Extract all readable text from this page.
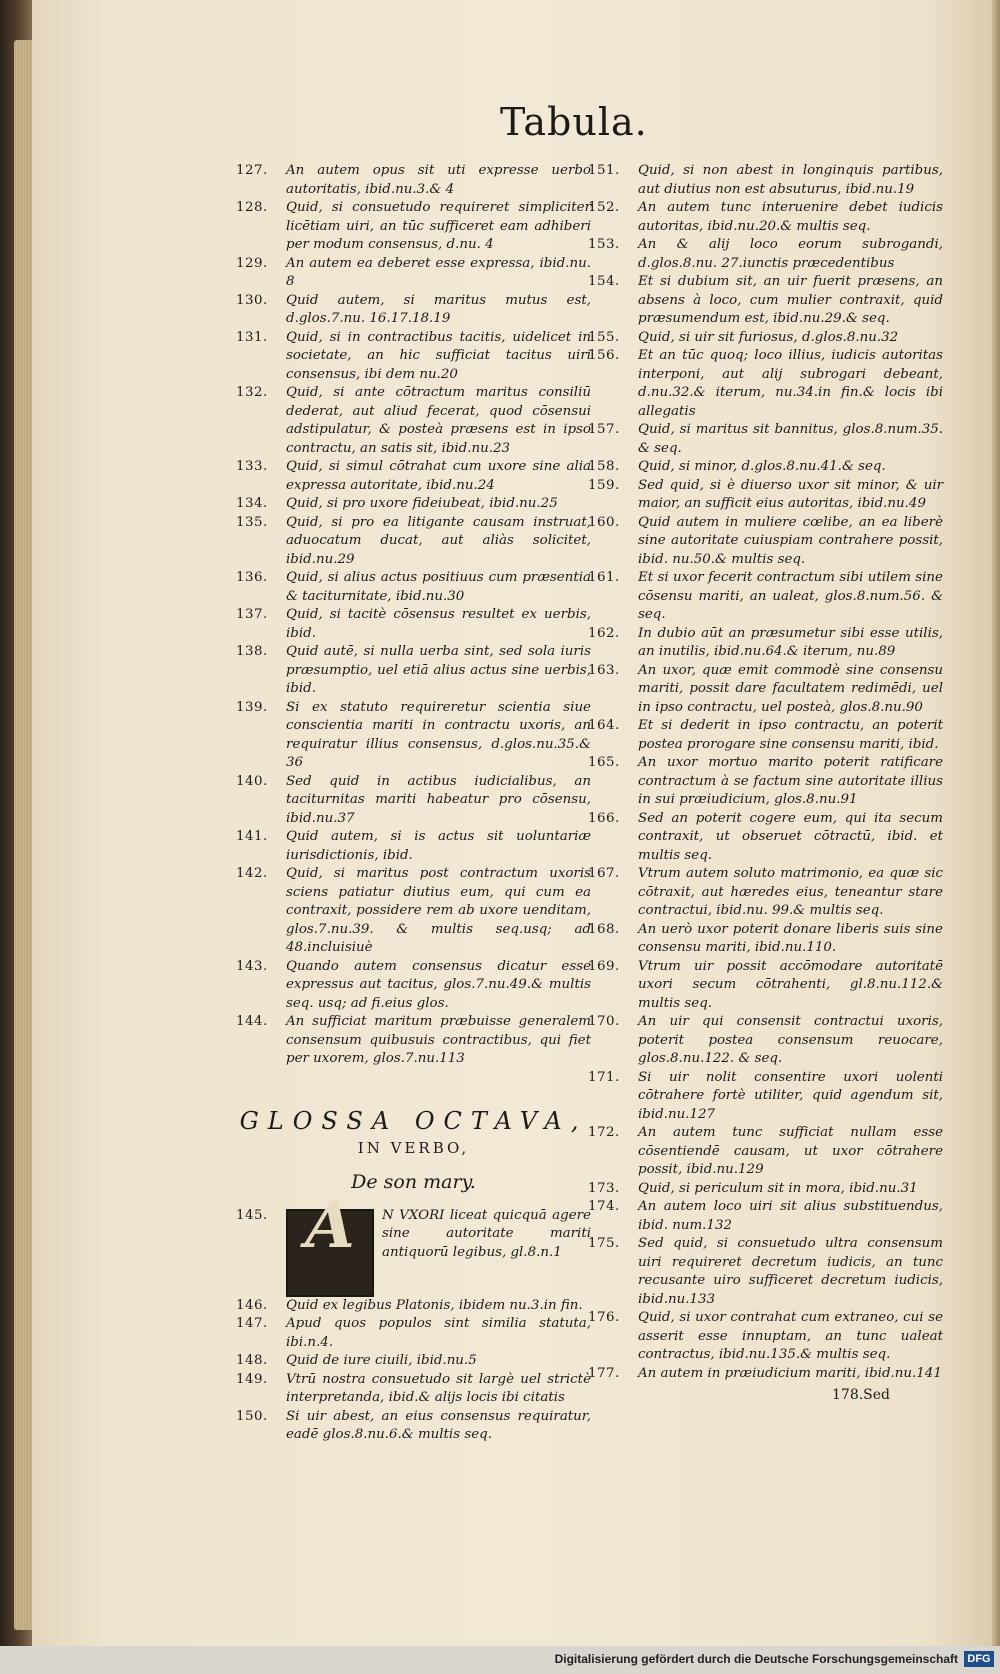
Tabula.
127.	An autem opus sit uti expresse uerbo autoritatis, ibid.nu.3.& 4
128.	Quid, si consuetudo requireret simpliciter licētiam uiri, an tūc sufficeret eam adhiberi per modum consensus, d.nu. 4
129.	An autem ea deberet esse expressa, ibid.nu. 8
130.	Quid autem, si maritus mutus est, d.glos.7.nu. 16.17.18.19
131.	Quid, si in contractibus tacitis, uidelicet in societate, an hic sufficiat tacitus uiri consensus, ibi dem nu.20
132.	Quid, si ante cōtractum maritus consiliū dederat, aut aliud fecerat, quod cōsensui adstipulatur, & posteà præsens est in ipso contractu, an satis sit, ibid.nu.23
133.	Quid, si simul cōtrahat cum uxore sine alia expressa autoritate, ibid.nu.24
134.	Quid, si pro uxore fideiubeat, ibid.nu.25
135.	Quid, si pro ea litigante causam instruat, aduocatum ducat, aut aliàs solicitet, ibid.nu.29
136.	Quid, si alius actus positiuus cum præsentia & taciturnitate, ibid.nu.30
137.	Quid, si tacitè cōsensus resultet ex uerbis, ibid.
138.	Quid autē, si nulla uerba sint, sed sola iuris præsumptio, uel etiā alius actus sine uerbis, ibid.
139.	Si ex statuto requireretur scientia siue conscientia mariti in contractu uxoris, an requiratur illius consensus, d.glos.nu.35.& 36
140.	Sed quid in actibus iudicialibus, an taciturnitas mariti habeatur pro cōsensu, ibid.nu.37
141.	Quid autem, si is actus sit uoluntariæ iurisdictionis, ibid.
142.	Quid, si maritus post contractum uxoris sciens patiatur diutius eum, qui cum ea contraxit, possidere rem ab uxore uenditam, glos.7.nu.39. & multis seq.usq; ad 48.incluisiuè
143.	Quando autem consensus dicatur esse expressus aut tacitus, glos.7.nu.49.& multis seq. usq; ad fi.eius glos.
144.	An sufficiat maritum præbuisse generalem consensum quibusuis contractibus, qui fiet per uxorem, glos.7.nu.113
GLOSSA OCTAVA,
IN VERBO,
De son mary.
145. A	N VXORI liceat quicquā agere sine autoritate mariti antiquorū legibus, gl.8.n.1
146.	Quid ex legibus Platonis, ibidem nu.3.in fin.
147.	Apud quos populos sint similia statuta, ibi.n.4.
148.	Quid de iure ciuili, ibid.nu.5
149.	Vtrū nostra consuetudo sit largè uel strictè interpretanda, ibid.& alijs locis ibi citatis
150.	Si uir abest, an eius consensus requiratur, eadē glos.8.nu.6.& multis seq.
151.	Quid, si non abest in longinquis partibus, aut diutius non est absuturus, ibid.nu.19
152.	An autem tunc interuenire debet iudicis autoritas, ibid.nu.20.& multis seq.
153.	An & alij loco eorum subrogandi, d.glos.8.nu. 27.iunctis præcedentibus
154.	Et si dubium sit, an uir fuerit præsens, an absens à loco, cum mulier contraxit, quid præsumendum est, ibid.nu.29.& seq.
155.	Quid, si uir sit furiosus, d.glos.8.nu.32
156.	Et an tūc quoq; loco illius, iudicis autoritas interponi, aut alij subrogari debeant, d.nu.32.& iterum, nu.34.in fin.& locis ibi allegatis
157.	Quid, si maritus sit bannitus, glos.8.num.35. & seq.
158.	Quid, si minor, d.glos.8.nu.41.& seq.
159.	Sed quid, si è diuerso uxor sit minor, & uir maior, an sufficit eius autoritas, ibid.nu.49
160.	Quid autem in muliere cœlibe, an ea liberè sine autoritate cuiuspiam contrahere possit, ibid. nu.50.& multis seq.
161.	Et si uxor fecerit contractum sibi utilem sine cōsensu mariti, an ualeat, glos.8.num.56. & seq.
162.	In dubio aūt an præsumetur sibi esse utilis, an inutilis, ibid.nu.64.& iterum, nu.89
163.	An uxor, quæ emit commodè sine consensu mariti, possit dare facultatem redimēdi, uel in ipso contractu, uel posteà, glos.8.nu.90
164.	Et si dederit in ipso contractu, an poterit postea prorogare sine consensu mariti, ibid.
165.	An uxor mortuo marito poterit ratificare contractum à se factum sine autoritate illius in sui præiudicium, glos.8.nu.91
166.	Sed an poterit cogere eum, qui ita secum contraxit, ut obseruet cōtractū, ibid. et multis seq.
167.	Vtrum autem soluto matrimonio, ea quæ sic cōtraxit, aut hæredes eius, teneantur stare contractui, ibid.nu. 99.& multis seq.
168.	An uerò uxor poterit donare liberis suis sine consensu mariti, ibid.nu.110.
169.	Vtrum uir possit accōmodare autoritatē uxori secum cōtrahenti, gl.8.nu.112.& multis seq.
170.	An uir qui consensit contractui uxoris, poterit postea consensum reuocare, glos.8.nu.122. & seq.
171.	Si uir nolit consentire uxori uolenti cōtrahere fortè utiliter, quid agendum sit, ibid.nu.127
172.	An autem tunc sufficiat nullam esse cōsentiendē causam, ut uxor cōtrahere possit, ibid.nu.129
173.	Quid, si periculum sit in mora, ibid.nu.31
174.	An autem loco uiri sit alius substituendus, ibid. num.132
175.	Sed quid, si consuetudo ultra consensum uiri requireret decretum iudicis, an tunc recusante uiro sufficeret decretum iudicis, ibid.nu.133
176.	Quid, si uxor contrahat cum extraneo, cui se asserit esse innuptam, an tunc ualeat contractus, ibid.nu.135.& multis seq.
177.	An autem in præiudicium mariti, ibid.nu.141
178.Sed
Digitalisierung gefördert durch die Deutsche Forschungsgemeinschaft DFG
